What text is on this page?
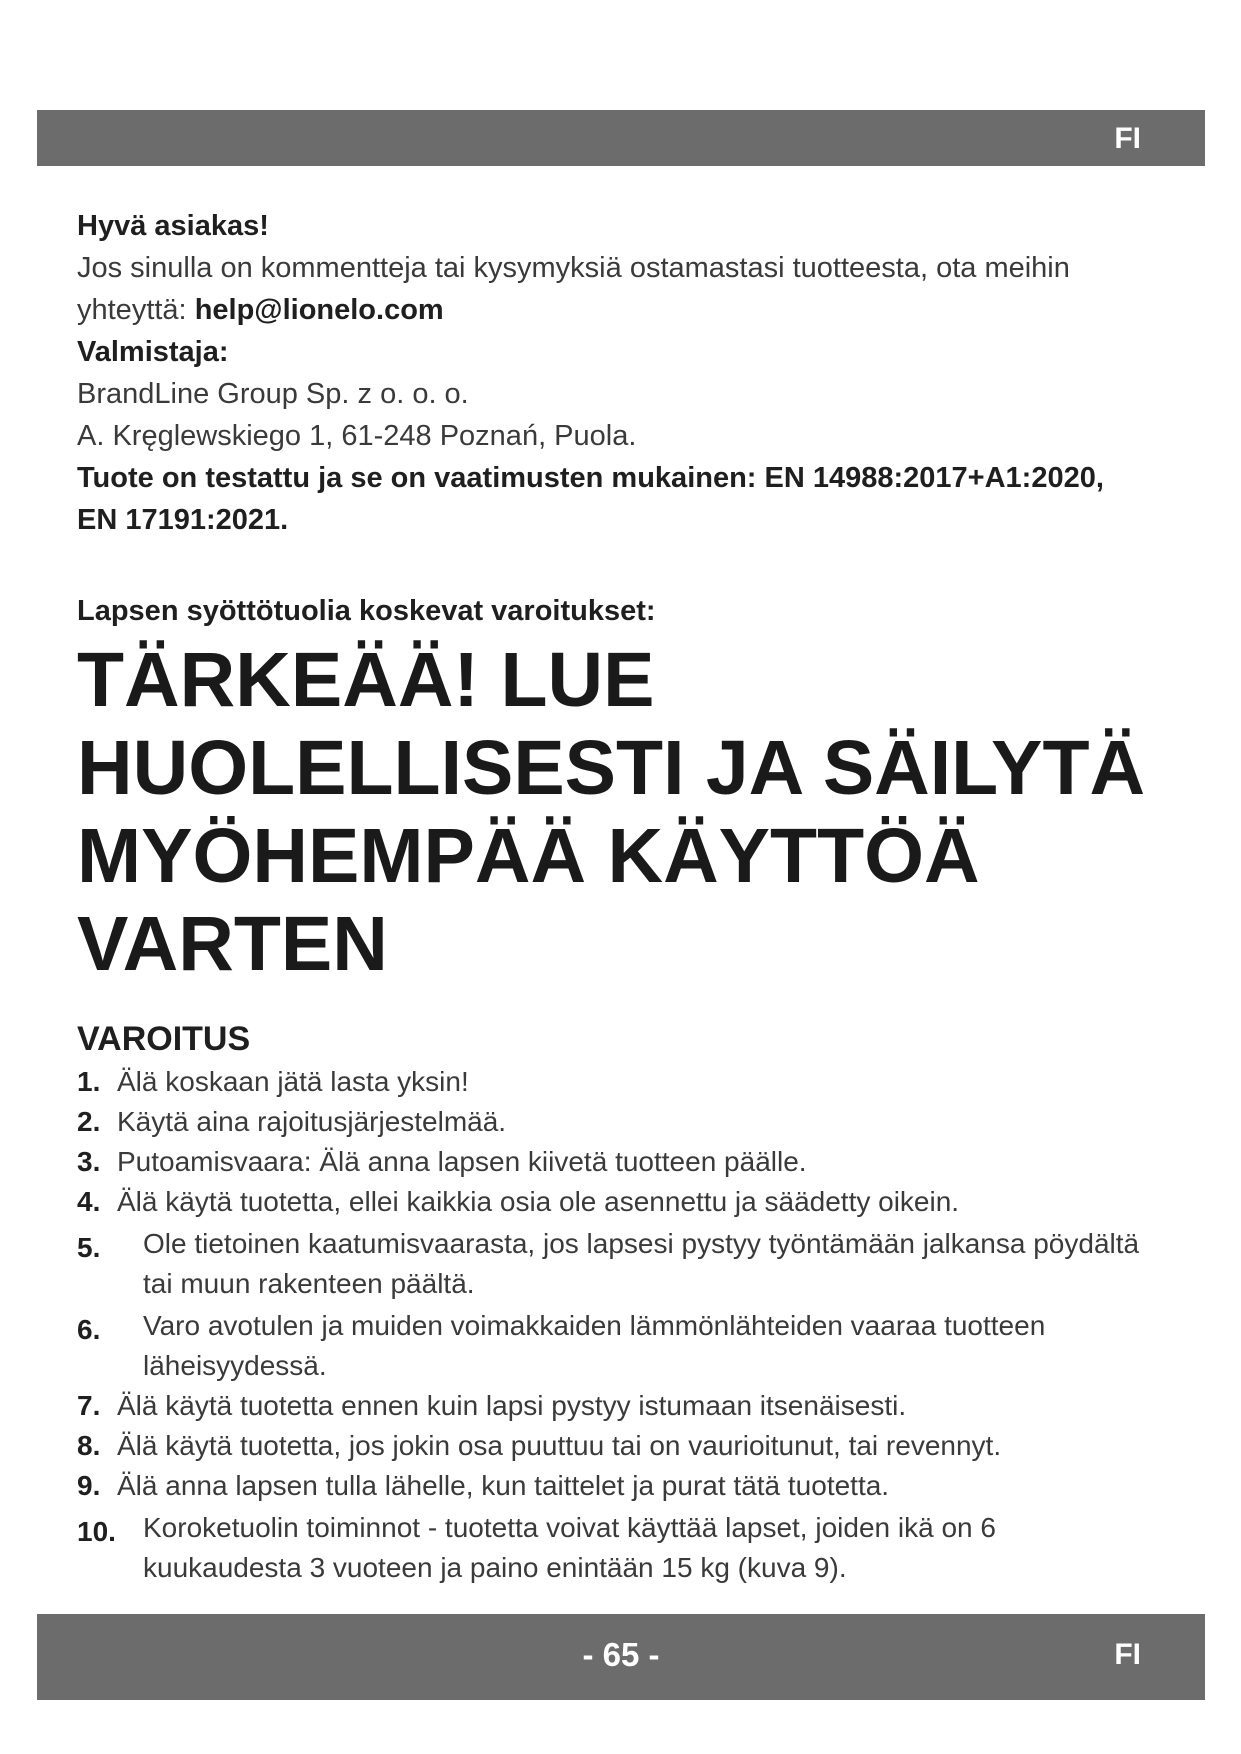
FI
Hyvä asiakas!
Jos sinulla on kommentteja tai kysymyksiä ostamastasi tuotteesta, ota meihin yhteyttä: help@lionelo.com
Valmistaja:
BrandLine Group Sp. z o. o. o.
A. Kręglewskiego 1, 61-248 Poznań, Puola.
Tuote on testattu ja se on vaatimusten mukainen: EN 14988:2017+A1:2020,
EN 17191:2021.
Lapsen syöttötuolia koskevat varoitukset:
TÄRKEÄÄ! LUE
HUOLELLISESTI JA SÄILYTÄ
MYÖHEMPÄÄ KÄYTTÖÄ
VARTEN
VAROITUS
1. Älä koskaan jätä lasta yksin!
2. Käytä aina rajoitusjärjestelmää.
3. Putoamisvaara: Älä anna lapsen kiivetä tuotteen päälle.
4. Älä käytä tuotetta, ellei kaikkia osia ole asennettu ja säädetty oikein.
5. Ole tietoinen kaatumisvaarasta, jos lapsesi pystyy työntämään jalkansa pöydältä tai muun rakenteen päältä.
6. Varo avotulen ja muiden voimakkaiden lämmönlähteiden vaaraa tuotteen läheisyydessä.
7. Älä käytä tuotetta ennen kuin lapsi pystyy istumaan itsenäisesti.
8. Älä käytä tuotetta, jos jokin osa puuttuu tai on vaurioitunut, tai revennyt.
9. Älä anna lapsen tulla lähelle, kun taittelet ja purat tätä tuotetta.
10. Koroketuolin toiminnot - tuotetta voivat käyttää lapset, joiden ikä on 6 kuukaudesta 3 vuoteen ja paino enintään 15 kg (kuva 9).
- 65 -	FI
